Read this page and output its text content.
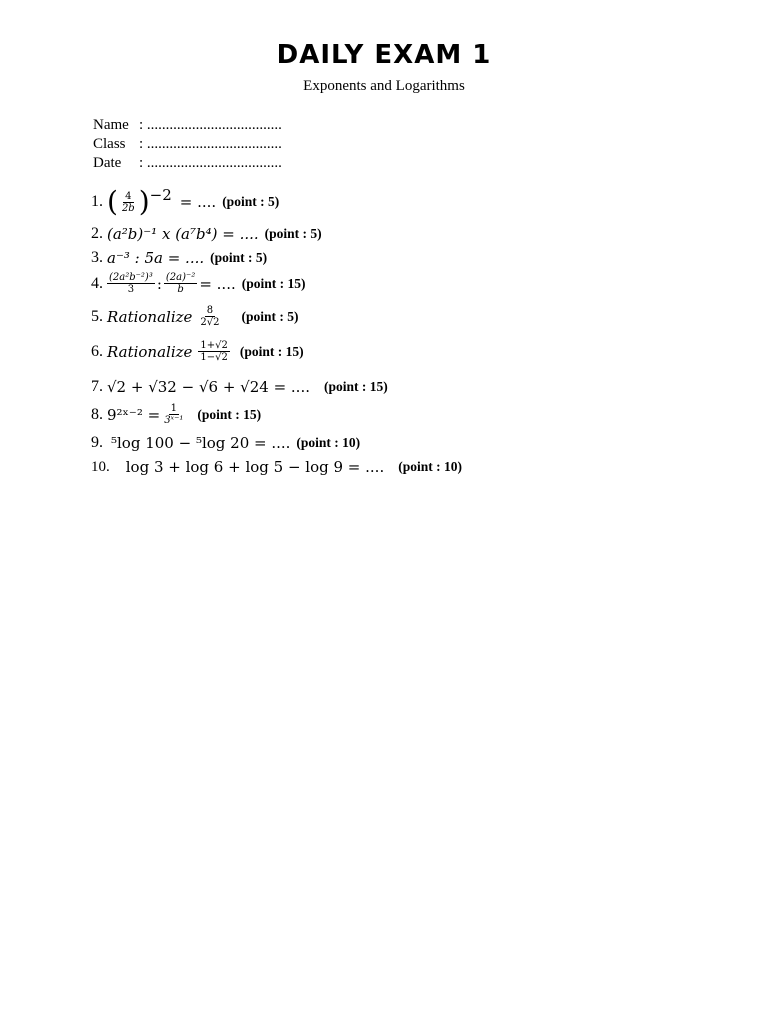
DAILY EXAM 1
Exponents and Logarithms
Name : ....................................
Class : ....................................
Date : ....................................
1. ( $\frac{4}{2b}$ ) −2 = .... (point : 5)
2.
(a²b)⁻¹ x (a⁷b⁴) = .... (point : 5)
3.
a⁻³ : 5a = .... (point : 5)
4. $\frac{\text{(2a²b⁻²)³}}{3}$ : $\frac{\text{(2a)⁻²}}{b}$ = .... (point : 15)
5.
Rationalize $\frac{8}{2√2}$ (point : 5)
6.
Rationalize $\frac{1+√2}{1-√2}$ (point : 15)
7.
√2 + √32 − √6 + √24 = .... (point : 15)
8.
9²ˣ⁻² = $\frac{1}{\text{3ˣ⁻¹}}$ (point : 15)
9.
⁵log 100 − ⁵log 20 = .... (point : 10)
10. log 3 + log 6 + log 5 − log 9 = .... (point : 10)
